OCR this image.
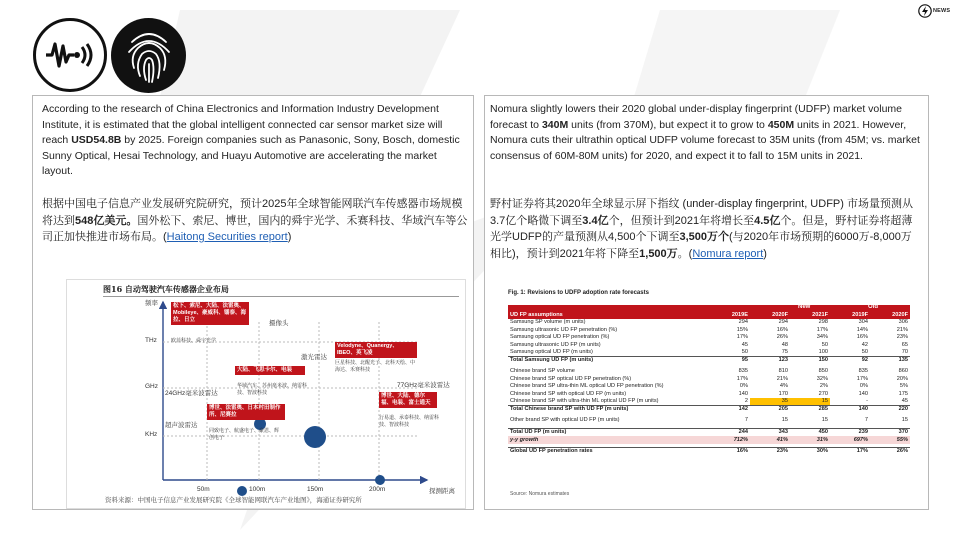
NEWS

According to the research of China Electronics and Information Industry Development Institute, it is estimated that the global intelligent connected car sensor market size will reach USD54.8B by 2025. Foreign companies such as Panasonic, Sony, Bosch, domestic Sunny Optical, Hesai Technology, and Huayu Automotive are accelerating the market layout.

根据中国电子信息产业发展研究院研究，预计2025年全球智能网联汽车传感器市场规模将达到548亿美元。国外松下、索尼、博世，国内的舜宇光学、禾赛科技、华域汽车等公司正加快推进市场布局。(Haitong Securities report)

图16 自动驾驶汽车传感器企业布局
频率
THz
GHz
KHz
50m	100m	150m	200m	探测距离
松下、索尼、大陆、法雷奥、Mobileye、豪威科、镭泰、海拉、日立
欧菲科技、舜宇光学
摄像头
激光雷达
Velodyne、Quanergy、IBEO、英飞凌
巨星科技、北醒光子、北科天绘、中海达、禾赛科技
24GHz毫米波雷达
大陆、飞思卡尔、电装
华域汽车、苏州毫米波、纳雷科技、智波科技
77GHz毫米波雷达
博世、大陆、德尔福、电装、富士通天
行易道、承泰科技、纳雷科技、智波科技
超声波雷达
博世、法雷奥、日本村田制作所、尼赛拉
同致电子、航盛电子、豪恩、辉创电子
资料来源：中国电子信息产业发展研究院《全球智能网联汽车产业地图》，海通证券研究所

Nomura slightly lowers their 2020 global under-display fingerprint (UDFP) market volume forecast to 340M units (from 370M), but expect it to grow to 450M units in 2021. However, Nomura cuts their ultrathin optical UDFP volume forecast to 35M units (from 45M; vs. market consensus of 60M-80M units) for 2020, and expect it to fall to 15M units in 2021.

野村证券将其2020年全球显示屏下指纹 (under-display fingerprint, UDFP) 市场量预测从3.7亿个略微下调至3.4亿个，但预计到2021年将增长至4.5亿个。但是，野村证券将超薄光学UDFP的产量预测从4,500个下调至3,500万个(与2020年市场预期的6000万-8,000万相比)，预计到2021年将下降至1,500万。(Nomura report)

Fig. 1: Revisions to UDFP adoption rate forecasts
New	Old
UD FP assumptions	2019E	2020F	2021F	2019F	2020F
Samsung SP volume (m units)	294	294	298	304	306
Samsung ultrasonic UD FP penetration (%)	15%	16%	17%	14%	21%
Samsung optical UD FP penetration (%)	17%	26%	34%	16%	23%
Samsung ultrasonic UD FP (m units)	45	48	50	42	65
Samsung optical UD FP (m units)	50	75	100	50	70
Total Samsung UD FP (m units)	95	123	150	92	135

Chinese brand SP volume	835	810	850	835	860
Chinese brand SP optical UD FP penetration (%)	17%	21%	32%	17%	20%
Chinese brand SP ultra-thin ML optical UD FP penetration (%)	0%	4%	2%	0%	5%
Chinese brand SP with optical UD FP (m units)	140	170	270	140	175
Chinese brand SP with ultra-thin ML optical UD FP (m units)	2	35	15	-	45
Total Chinese brand SP with UD FP (m units)	142	205	285	140	220

Other brand SP with optical UD FP (m units)	7	15	15	7	15

Total UD FP (m units)	244	343	450	239	370
y-y growth	712%	41%	31%	697%	55%

Global UD FP penetration rates	16%	23%	30%	17%	26%
Source: Nomura estimates
